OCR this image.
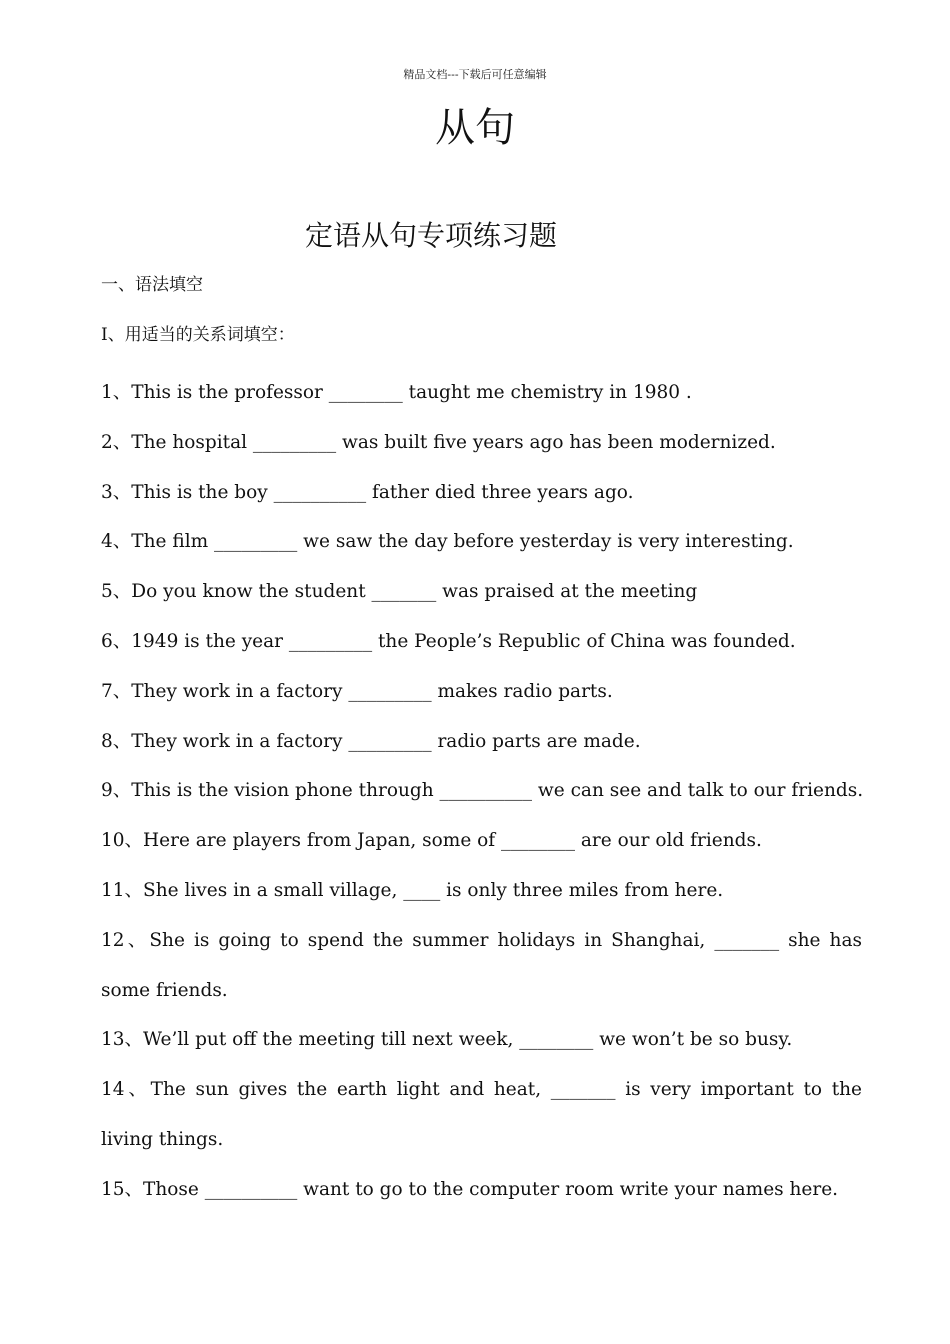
精品文档---下载后可任意编辑
从句
定语从句专项练习题
一、语法填空
I、用适当的关系词填空：
1、This is the professor ________ taught me chemistry in 1980 .
2、The hospital _________ was built five years ago has been modernized.
3、This is the boy __________ father died three years ago.
4、The film _________ we saw the day before yesterday is very interesting.
5、Do you know the student _______ was praised at the meeting
6、1949 is the year _________ the People’s Republic of China was founded.
7、They work in a factory _________ makes radio parts.
8、They work in a factory _________ radio parts are made.
9、This is the vision phone through __________ we can see and talk to our friends.
10、Here are players from Japan, some of ________ are our old friends.
11、She lives in a small village, ____ is only three miles from here.
12、She is going to spend the summer holidays in Shanghai, _______ she has some friends.
13、We’ll put off the meeting till next week, ________ we won’t be so busy.
14、The sun gives the earth light and heat, _______ is very important to the living things.
15、Those __________ want to go to the computer room write your names here.
